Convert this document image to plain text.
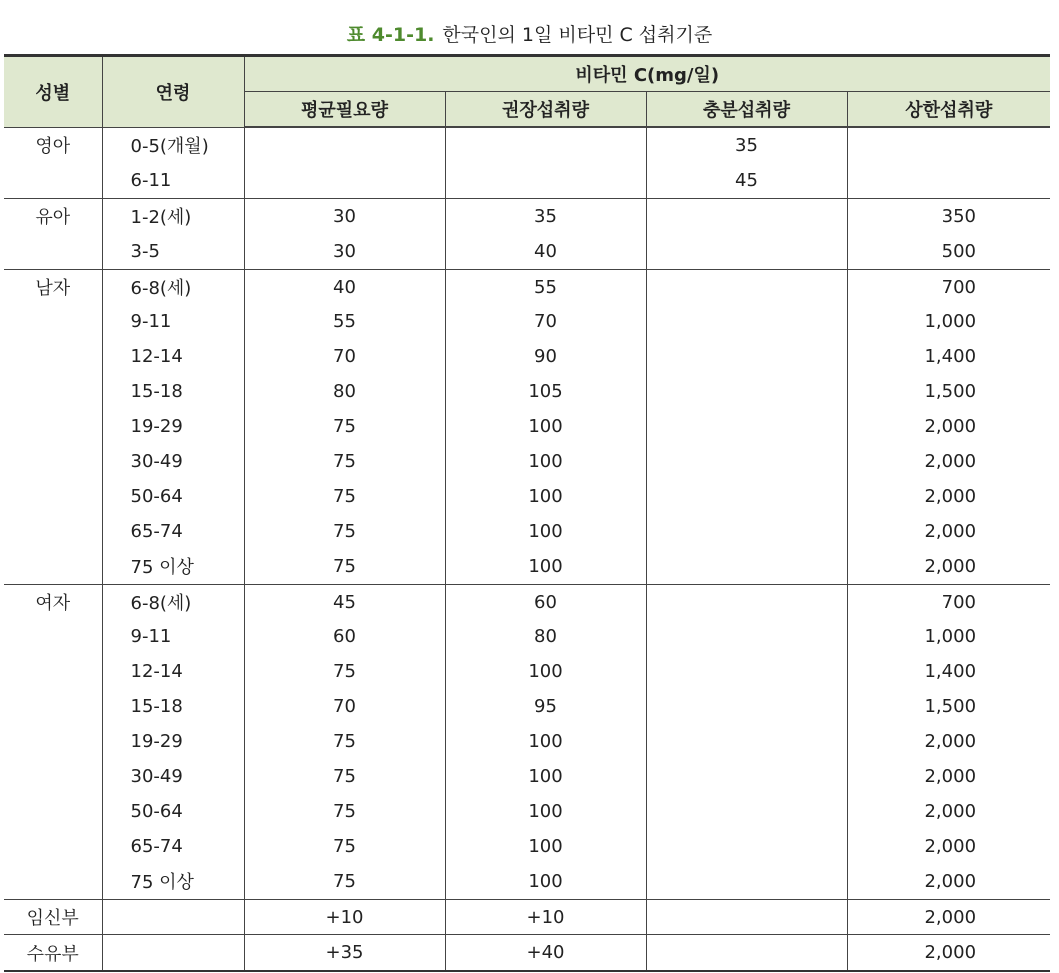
표 4-1-1. 한국인의 1일 비타민 C 섭취기준
성별	연령	비타민 C(mg/일)			
		평균필요량	권장섭취량	충분섭취량	상한섭취량
영아	0-5(개월)			35	
	6-11			45	
유아	1-2(세)	30	35		350
	3-5	30	40		500
남자	6-8(세)	40	55		700
	9-11	55	70		1,000
	12-14	70	90		1,400
	15-18	80	105		1,500
	19-29	75	100		2,000
	30-49	75	100		2,000
	50-64	75	100		2,000
	65-74	75	100		2,000
	75 이상	75	100		2,000
여자	6-8(세)	45	60		700
	9-11	60	80		1,000
	12-14	75	100		1,400
	15-18	70	95		1,500
	19-29	75	100		2,000
	30-49	75	100		2,000
	50-64	75	100		2,000
	65-74	75	100		2,000
	75 이상	75	100		2,000
임신부		+10	+10		2,000
수유부		+35	+40		2,000
